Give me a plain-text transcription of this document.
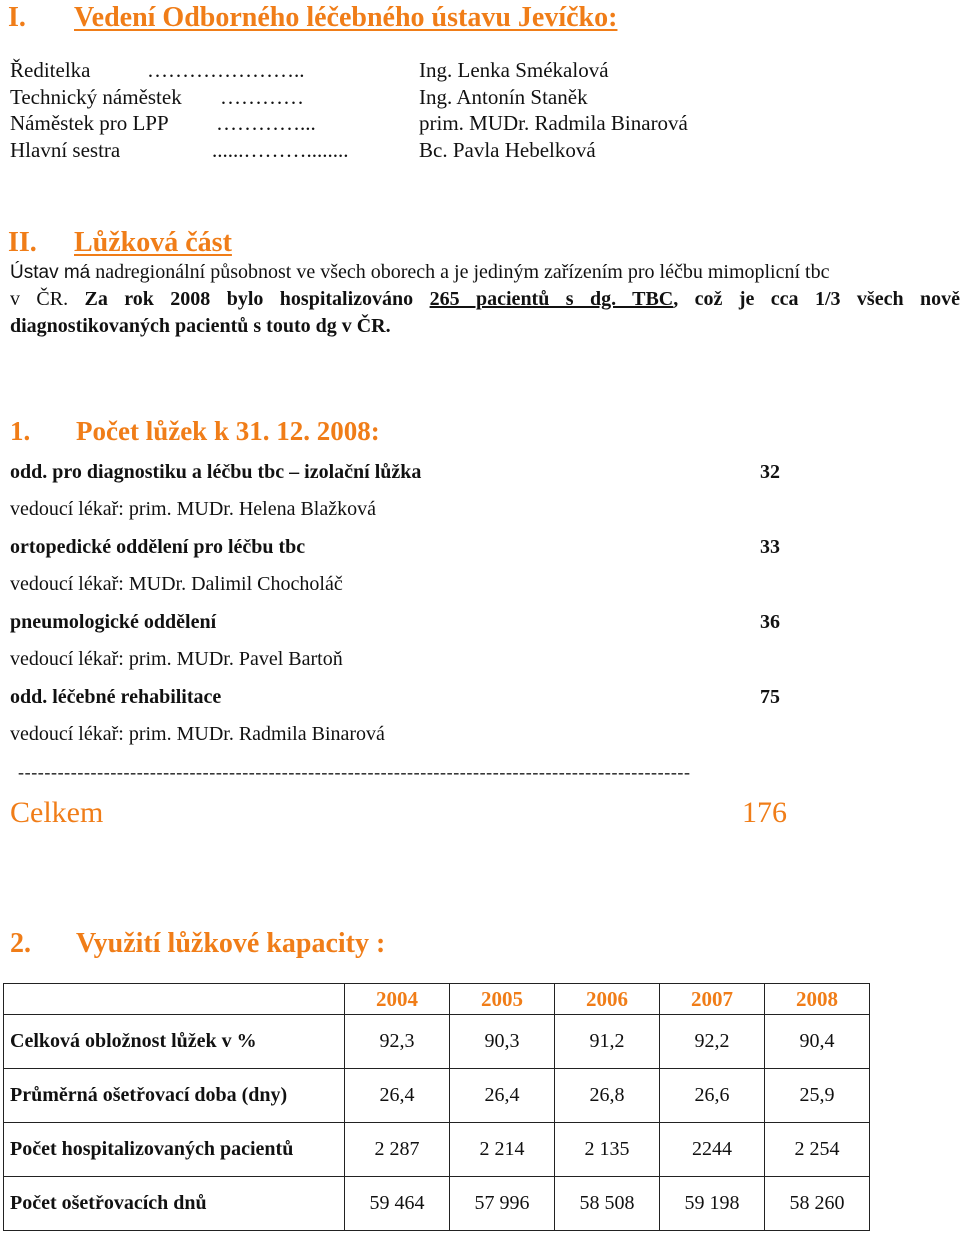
I. Vedení Odborného léčebného ústavu Jevíčko:
Ředitelka	…………………..	Ing. Lenka Smékalová
Technický náměstek …………	Ing. Antonín Staněk
Náměstek pro LPP …………...	prim. MUDr. Radmila Binarová
Hlavní sestra	......………........	Bc. Pavla Hebelková
II. Lůžková část
Ústav má nadregionální působnost ve všech oborech a je jediným zařízením pro léčbu mimoplicní tbc
v ČR. Za rok 2008 bylo hospitalizováno 265 pacientů s dg. TBC, což je cca 1/3 všech nově
diagnostikovaných pacientů s touto dg v ČR.
1. Počet lůžek k 31. 12. 2008:
odd. pro diagnostiku a léčbu tbc – izolační lůžka	32
vedoucí lékař: prim. MUDr. Helena Blažková
ortopedické oddělení pro léčbu tbc	33
vedoucí lékař: MUDr. Dalimil Chocholáč
pneumologické oddělení	36
vedoucí lékař: prim. MUDr. Pavel Bartoň
odd. léčebné rehabilitace	75
vedoucí lékař: prim. MUDr. Radmila Binarová
------------------------------------------------------------------------------------------------------
Celkem	176
2. Využití lůžkové kapacity :
	2004	2005	2006	2007	2008
Celková obložnost lůžek v %	92,3	90,3	91,2	92,2	90,4
Průměrná ošetřovací doba (dny)	26,4	26,4	26,8	26,6	25,9
Počet hospitalizovaných pacientů	2 287	2 214	2 135	2244	2 254
Počet ošetřovacích dnů	59 464	57 996	58 508	59 198	58 260
